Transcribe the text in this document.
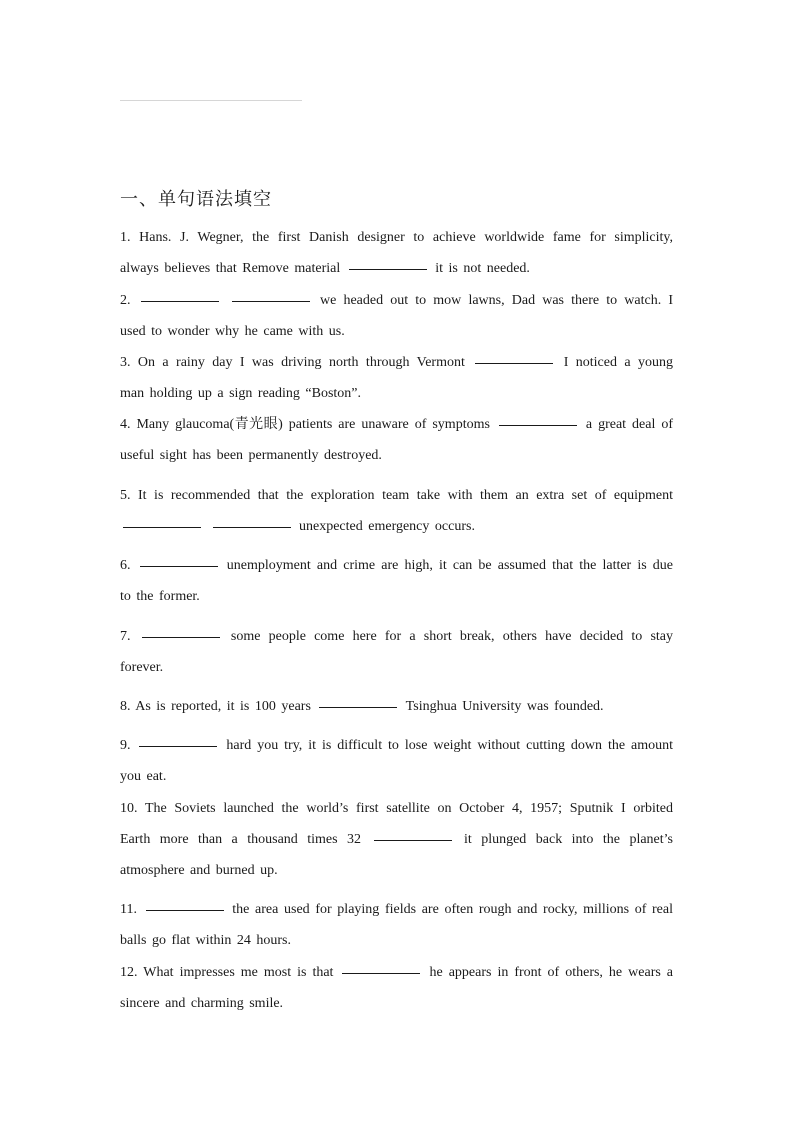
一、单句语法填空
1. Hans. J. Wegner, the first Danish designer to achieve worldwide fame for simplicity, always believes that Remove material	it is not needed.
2.	we headed out to mow lawns, Dad was there to watch. I used to wonder why he came with us.
3. On a rainy day I was driving north through Vermont	I noticed a young man holding up a sign reading “Boston”.
4. Many glaucoma(青光眼) patients are unaware of symptoms	a great deal of useful sight has been permanently destroyed.
5. It is recommended that the exploration team take with them an extra set of equipment   unexpected emergency occurs.
6.	unemployment and crime are high, it can be assumed that the latter is due to the former.
7.	some people come here for a short break, others have decided to stay forever.
8. As is reported, it is 100 years	Tsinghua University was founded.
9.	hard you try, it is difficult to lose weight without cutting down the amount you eat.
10. The Soviets launched the world’s first satellite on October 4, 1957; Sputnik I orbited Earth more than a thousand times 32	it plunged back into the planet’s atmosphere and burned up.
11.	the area used for playing fields are often rough and rocky, millions of real balls go flat within 24 hours.
12. What impresses me most is that	he appears in front of others, he wears a sincere and charming smile.
